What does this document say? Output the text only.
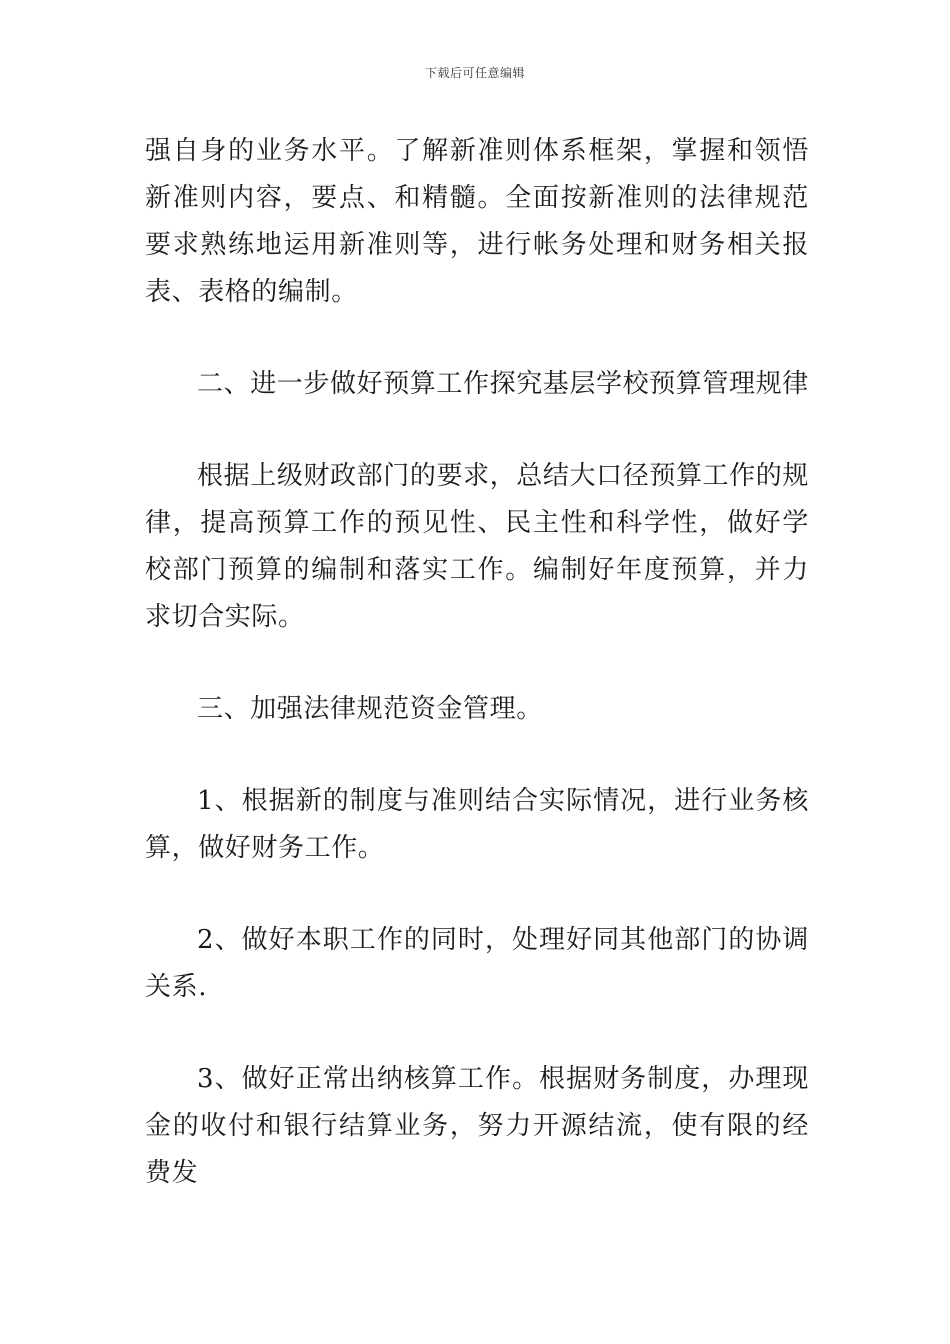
下载后可任意编辑

强自身的业务水平。了解新准则体系框架，掌握和领悟新准则内容，要点、和精髓。全面按新准则的法律规范要求熟练地运用新准则等，进行帐务处理和财务相关报表、表格的编制。

二、进一步做好预算工作探究基层学校预算管理规律

根据上级财政部门的要求，总结大口径预算工作的规律，提高预算工作的预见性、民主性和科学性，做好学校部门预算的编制和落实工作。编制好年度预算，并力求切合实际。

三、加强法律规范资金管理。

1、根据新的制度与准则结合实际情况，进行业务核算，做好财务工作。

2、做好本职工作的同时，处理好同其他部门的协调关系.

3、做好正常出纳核算工作。根据财务制度，办理现金的收付和银行结算业务，努力开源结流，使有限的经费发
